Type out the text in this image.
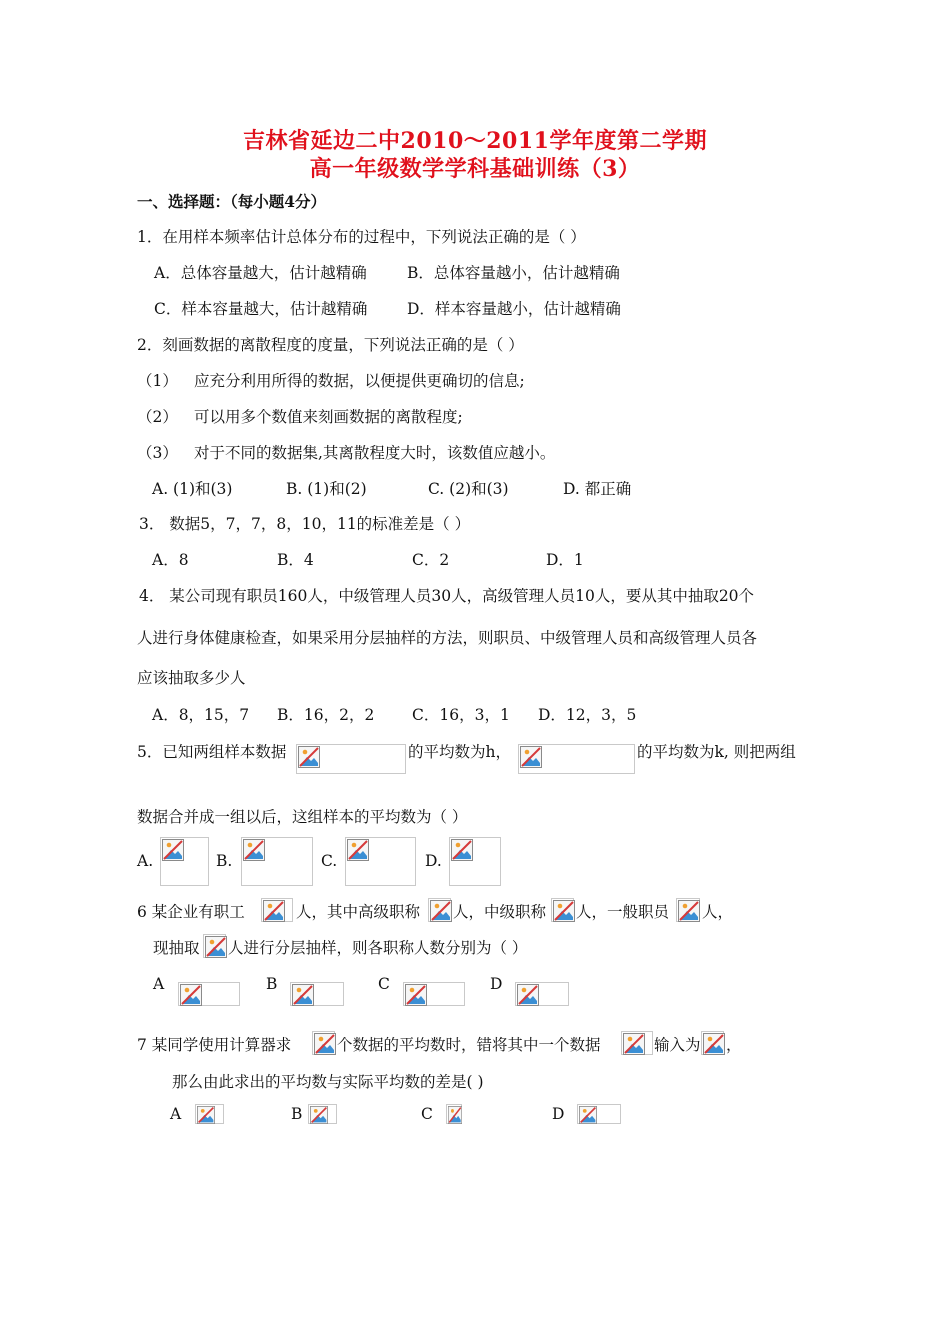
吉林省延边二中2010～2011学年度第二学期
高一年级数学学科基础训练（3）
一、选择题：（每小题4分）
1．在用样本频率估计总体分布的过程中，下列说法正确的是（ ）
A．总体容量越大，估计越精确	B．总体容量越小，估计越精确
C．样本容量越大，估计越精确	D．样本容量越小，估计越精确
2．刻画数据的离散程度的度量，下列说法正确的是（ ）
（1） 应充分利用所得的数据，以便提供更确切的信息;
（2） 可以用多个数值来刻画数据的离散程度;
（3） 对于不同的数据集,其离散程度大时，该数值应越小。
A. (1)和(3)	B. (1)和(2)	C. (2)和(3)	D. 都正确
3． 数据5，7，7，8，10，11的标准差是（ ）
A．8	B．4	C．2	D．1
4． 某公司现有职员160人，中级管理人员30人，高级管理人员10人，要从其中抽取20个
人进行身体健康检查，如果采用分层抽样的方法，则职员、中级管理人员和高级管理人员各
应该抽取多少人
A．8，15，7 B．16，2，2 C．16，3，1 D．12，3，5
5．已知两组样本数据	的平均数为h，	的平均数为k, 则把两组
数据合并成一组以后，这组样本的平均数为（ ）
A.	B.	C.	D.
6 某企业有职工	人，其中高级职称 人，中级职称 人，一般职员 人，
现抽取 人进行分层抽样，则各职称人数分别为（ ）
A	B	C	D
7 某同学使用计算器求	个数据的平均数时，错将其中一个数据	输入为 ，
那么由此求出的平均数与实际平均数的差是( )
A	B	C	D
